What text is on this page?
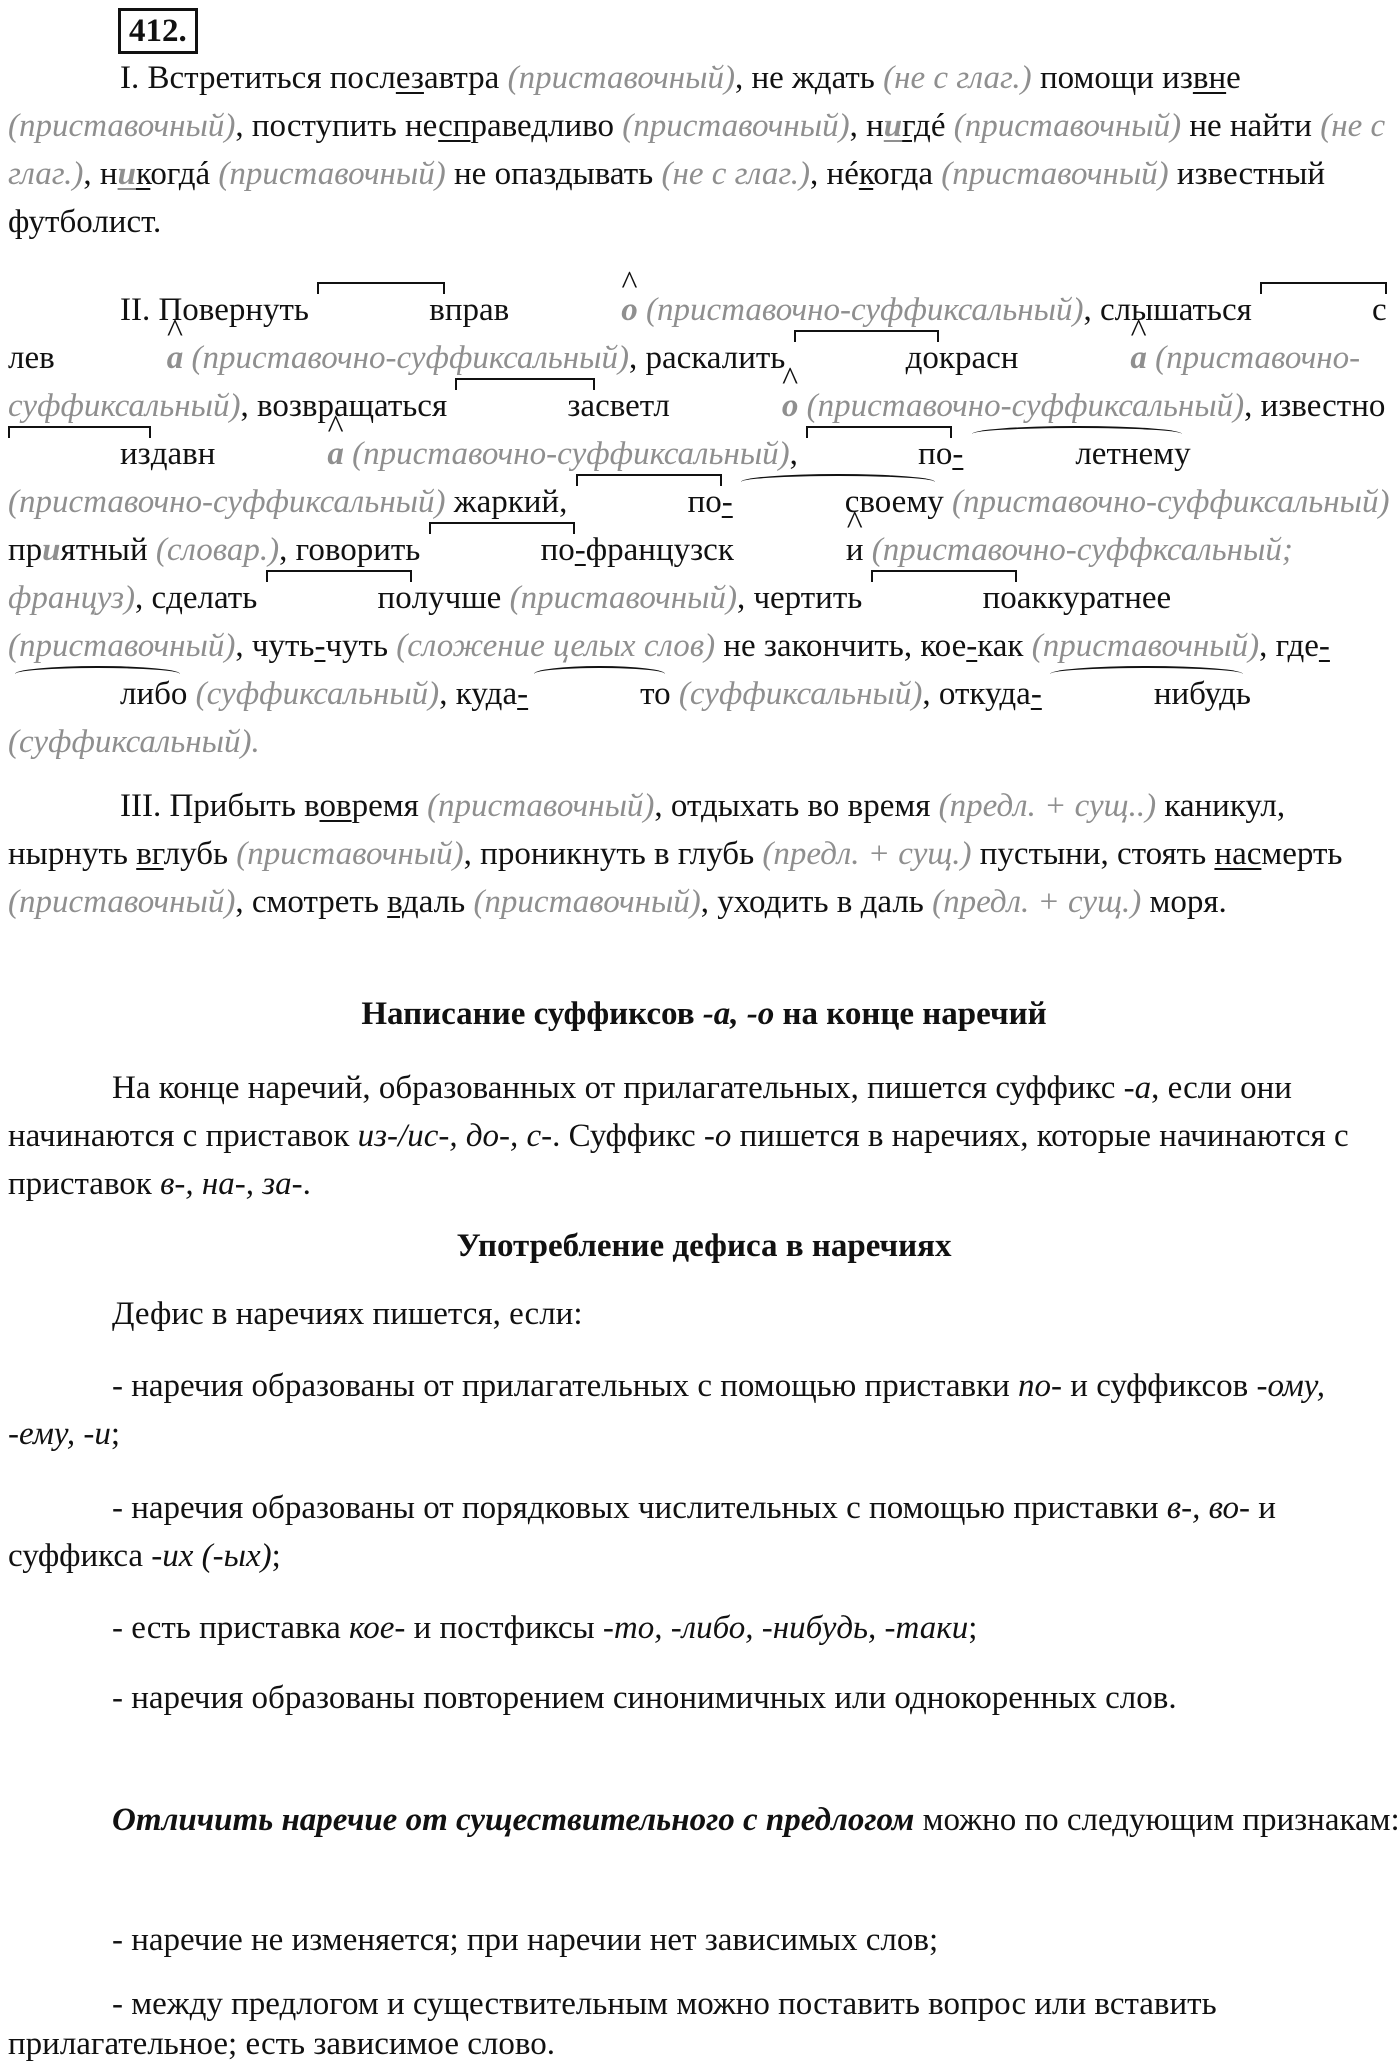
412.

I. Встретиться послезавтра (приставочный), не ждать (не с глаг.) помощи извне (приставочный), поступить несправедливо (приставочный), нигдé (приставочный) не найти (не с глаг.), никогдá (приставочный) не опаздывать (не с глаг.), нéкогда (приставочный) известный футболист.

II. Повернуть	вправ	^ о (приставочно-суффиксальный), слышаться	слев	^ а (приставочно-суффиксальный), раскалить	докрасн	^ а (приставочно-суффиксальный), возвращаться	засветл	^ о (приставочно-суффиксальный), известно издавн	^ а (приставочно-суффиксальный),	по-	летнему (приставочно-суффиксальный) жаркий,	по-	своему (приставочно-суффиксальный) приятный (словар.), говорить	по-французск	^ и (приставочно-суффксальный; француз), сделать	получше (приставочный), чертить	поаккуратнее (приставочный), чуть-чуть (сложение целых слов) не закончить, кое-как (приставочный), где-либо (суффиксальный), куда-	то (суффиксальный), откуда-	нибудь (суффиксальный).

III. Прибыть вовремя (приставочный), отдыхать во время (предл. + сущ..) каникул, нырнуть вглубь (приставочный), проникнуть в глубь (предл. + сущ.) пустыни, стоять насмерть (приставочный), смотреть вдаль (приставочный), уходить в даль (предл. + сущ.) моря.

Написание суффиксов -а, -о на конце наречий

На конце наречий, образованных от прилагательных, пишется суффикс -а, если они начинаются с приставок из-/ис-, до-, с-. Суффикс -о пишется в наречиях, которые начинаются с приставок в-, на-, за-.

Употребление дефиса в наречиях

Дефис в наречиях пишется, если:

- наречия образованы от прилагательных с помощью приставки по- и суффиксов -ому, -ему, -и;

- наречия образованы от порядковых числительных с помощью приставки в-, во- и суффикса -их (-ых);

- есть приставка кое- и постфиксы -то, -либо, -нибудь, -таки;

- наречия образованы повторением синонимичных или однокоренных слов.

Отличить наречие от существительного с предлогом можно по следующим признакам:

- наречие не изменяется; при наречии нет зависимых слов;

- между предлогом и существительным можно поставить вопрос или вставить прилагательное; есть зависимое слово.
